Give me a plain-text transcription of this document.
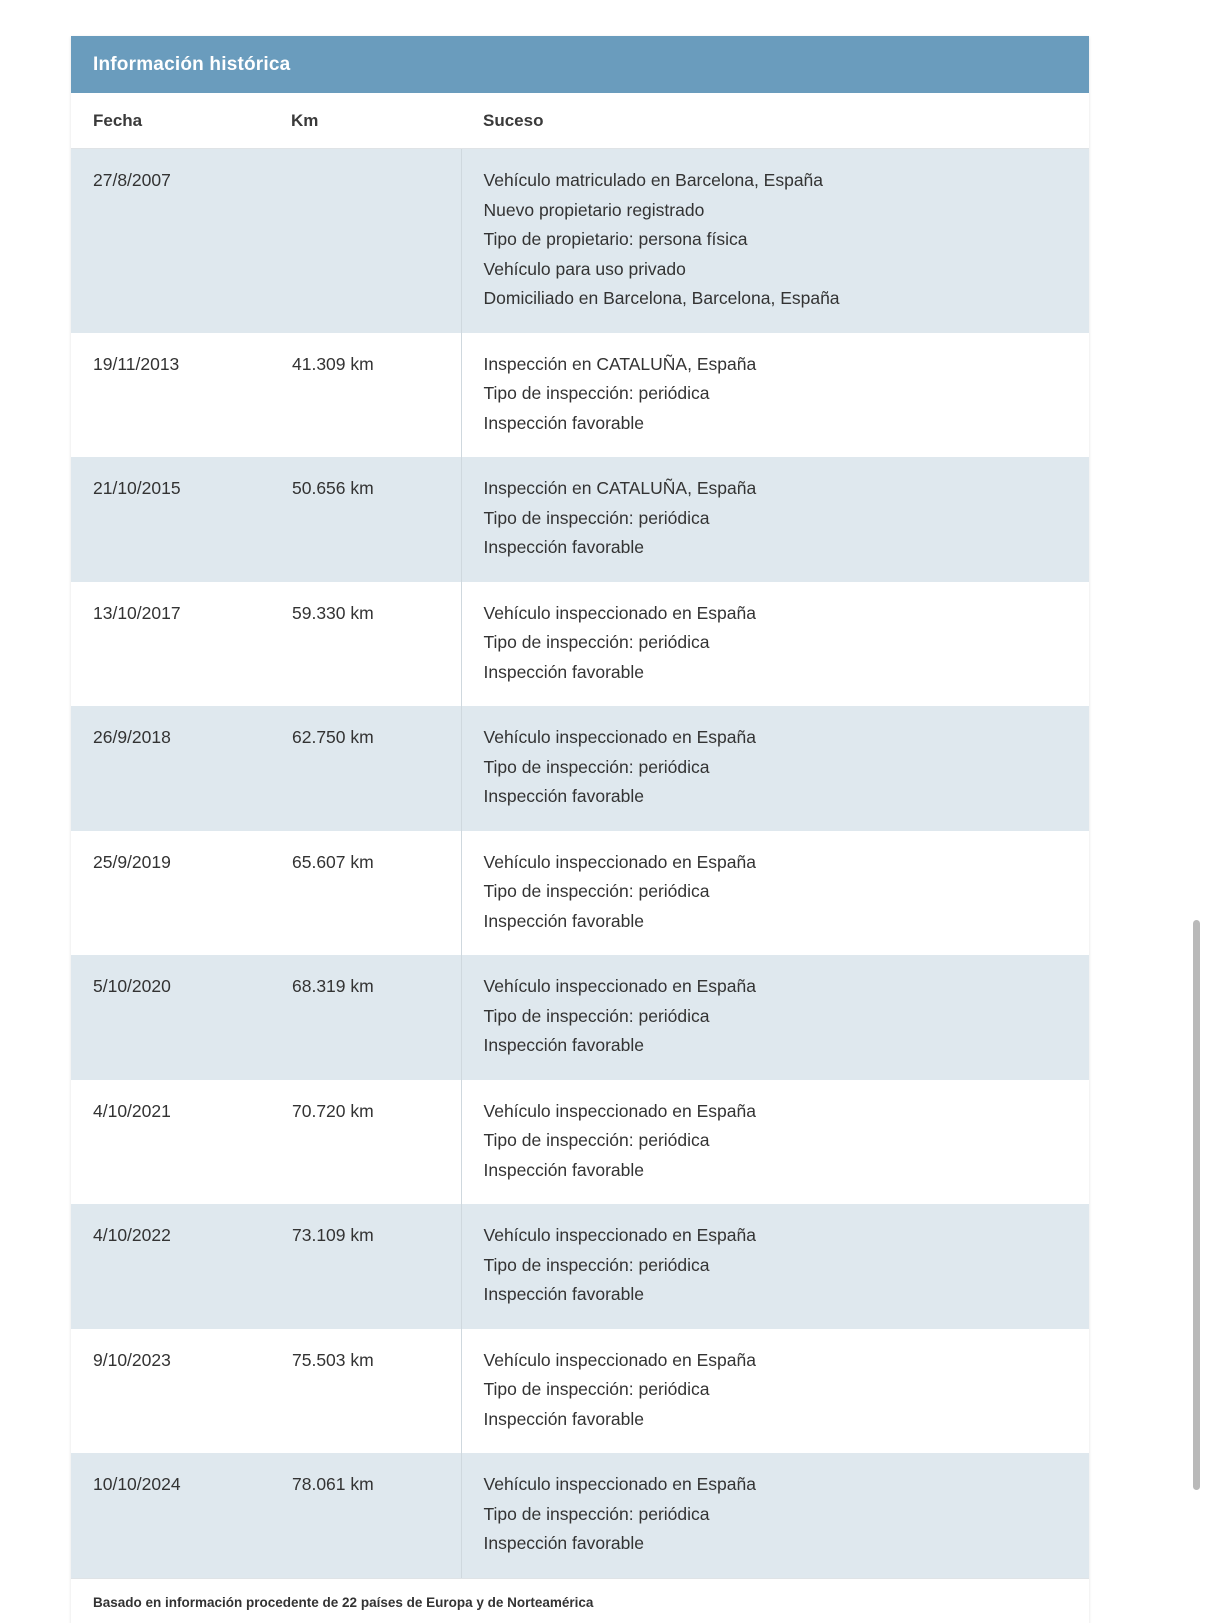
Información histórica
Fecha	Km	Suceso
27/8/2007		Vehículo matriculado en Barcelona, España
Nuevo propietario registrado
Tipo de propietario: persona física
Vehículo para uso privado
Domiciliado en Barcelona, Barcelona, España

19/11/2013	41.309 km	Inspección en CATALUÑA, España
Tipo de inspección: periódica
Inspección favorable

21/10/2015	50.656 km	Inspección en CATALUÑA, España
Tipo de inspección: periódica
Inspección favorable

13/10/2017	59.330 km	Vehículo inspeccionado en España
Tipo de inspección: periódica
Inspección favorable

26/9/2018	62.750 km	Vehículo inspeccionado en España
Tipo de inspección: periódica
Inspección favorable

25/9/2019	65.607 km	Vehículo inspeccionado en España
Tipo de inspección: periódica
Inspección favorable

5/10/2020	68.319 km	Vehículo inspeccionado en España
Tipo de inspección: periódica
Inspección favorable

4/10/2021	70.720 km	Vehículo inspeccionado en España
Tipo de inspección: periódica
Inspección favorable

4/10/2022	73.109 km	Vehículo inspeccionado en España
Tipo de inspección: periódica
Inspección favorable

9/10/2023	75.503 km	Vehículo inspeccionado en España
Tipo de inspección: periódica
Inspección favorable

10/10/2024	78.061 km	Vehículo inspeccionado en España
Tipo de inspección: periódica
Inspección favorable
Basado en información procedente de 22 países de Europa y de Norteamérica
